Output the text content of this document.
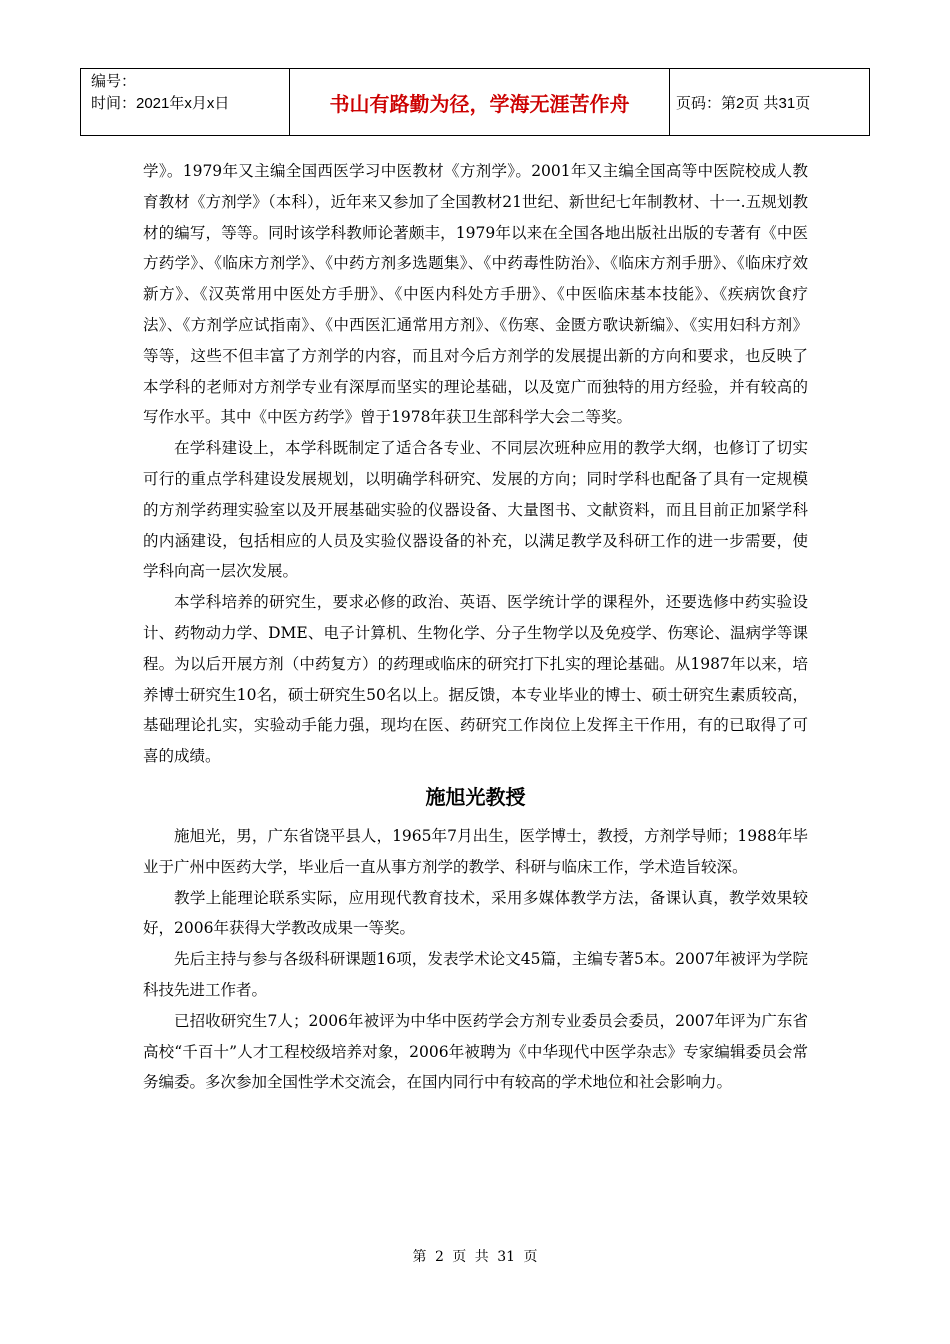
编号：
时间：2021年x月x日	书山有路勤为径，学海无涯苦作舟	页码：第2页 共31页

学》。1979年又主编全国西医学习中医教材《方剂学》。2001年又主编全国高等中医院校成人教育教材《方剂学》（本科），近年来又参加了全国教材21世纪、新世纪七年制教材、十一.五规划教材的编写，等等。同时该学科教师论著颇丰，1979年以来在全国各地出版社出版的专著有《中医方药学》、《临床方剂学》、《中药方剂多选题集》、《中药毒性防治》、《临床方剂手册》、《临床疗效新方》、《汉英常用中医处方手册》、《中医内科处方手册》、《中医临床基本技能》、《疾病饮食疗法》、《方剂学应试指南》、《中西医汇通常用方剂》、《伤寒、金匮方歌诀新编》、《实用妇科方剂》等等，这些不但丰富了方剂学的内容，而且对今后方剂学的发展提出新的方向和要求，也反映了本学科的老师对方剂学专业有深厚而坚实的理论基础，以及宽广而独特的用方经验，并有较高的写作水平。其中《中医方药学》曾于1978年获卫生部科学大会二等奖。

在学科建设上，本学科既制定了适合各专业、不同层次班种应用的教学大纲，也修订了切实可行的重点学科建设发展规划，以明确学科研究、发展的方向；同时学科也配备了具有一定规模的方剂学药理实验室以及开展基础实验的仪器设备、大量图书、文献资料，而且目前正加紧学科的内涵建设，包括相应的人员及实验仪器设备的补充，以满足教学及科研工作的进一步需要，使学科向高一层次发展。

本学科培养的研究生，要求必修的政治、英语、医学统计学的课程外，还要选修中药实验设计、药物动力学、DME、电子计算机、生物化学、分子生物学以及免疫学、伤寒论、温病学等课程。为以后开展方剂（中药复方）的药理或临床的研究打下扎实的理论基础。从1987年以来，培养博士研究生10名，硕士研究生50名以上。据反馈，本专业毕业的博士、硕士研究生素质较高，基础理论扎实，实验动手能力强，现均在医、药研究工作岗位上发挥主干作用，有的已取得了可喜的成绩。

施旭光教授

施旭光，男，广东省饶平县人，1965年7月出生，医学博士，教授，方剂学导师；1988年毕业于广州中医药大学，毕业后一直从事方剂学的教学、科研与临床工作，学术造旨较深。

教学上能理论联系实际，应用现代教育技术，采用多媒体教学方法，备课认真，教学效果较好，2006年获得大学教改成果一等奖。

先后主持与参与各级科研课题16项，发表学术论文45篇，主编专著5本。2007年被评为学院科技先进工作者。

已招收研究生7人；2006年被评为中华中医药学会方剂专业委员会委员，2007年评为广东省高校“千百十”人才工程校级培养对象，2006年被聘为《中华现代中医学杂志》专家编辑委员会常务编委。多次参加全国性学术交流会，在国内同行中有较高的学术地位和社会影响力。

第 2 页 共 31 页
